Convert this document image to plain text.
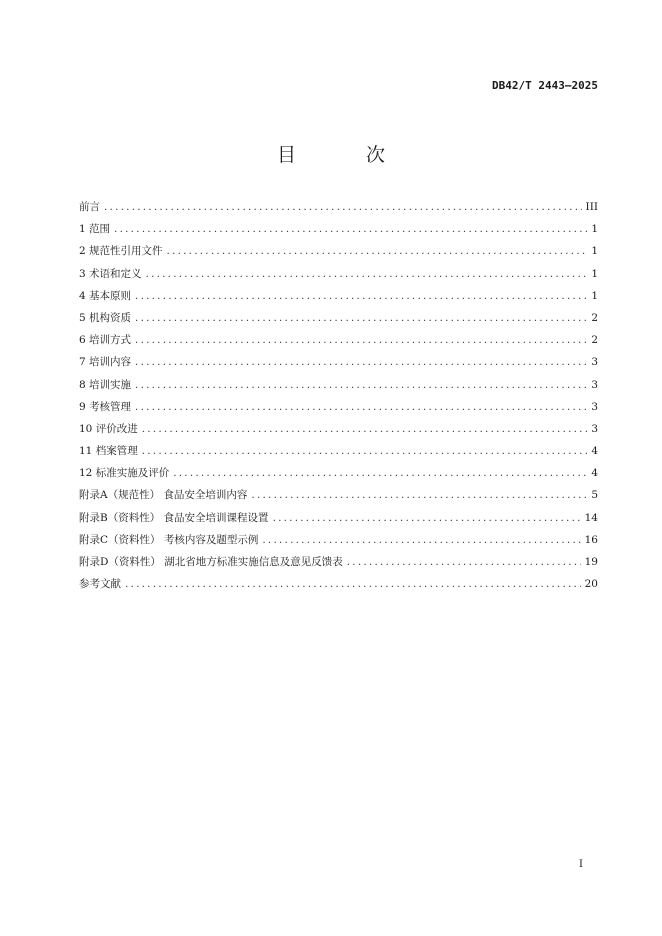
DB42/T 2443—2025
目 次
前言 .....	III
1 范围 .....	1
2 规范性引用文件 .....	1
3 术语和定义 .....	1
4 基本原则 .....	1
5 机构资质 .....	2
6 培训方式 .....	2
7 培训内容 .....	3
8 培训实施 .....	3
9 考核管理 .....	3
10 评价改进 .....	3
11 档案管理 .....	4
12 标准实施及评价 .....	4
附录A（规范性） 食品安全培训内容 .....	5
附录B（资料性） 食品安全培训课程设置 .....	14
附录C（资料性） 考核内容及题型示例 .....	16
附录D（资料性） 湖北省地方标准实施信息及意见反馈表 .....	19
参考文献 .....	20
I
